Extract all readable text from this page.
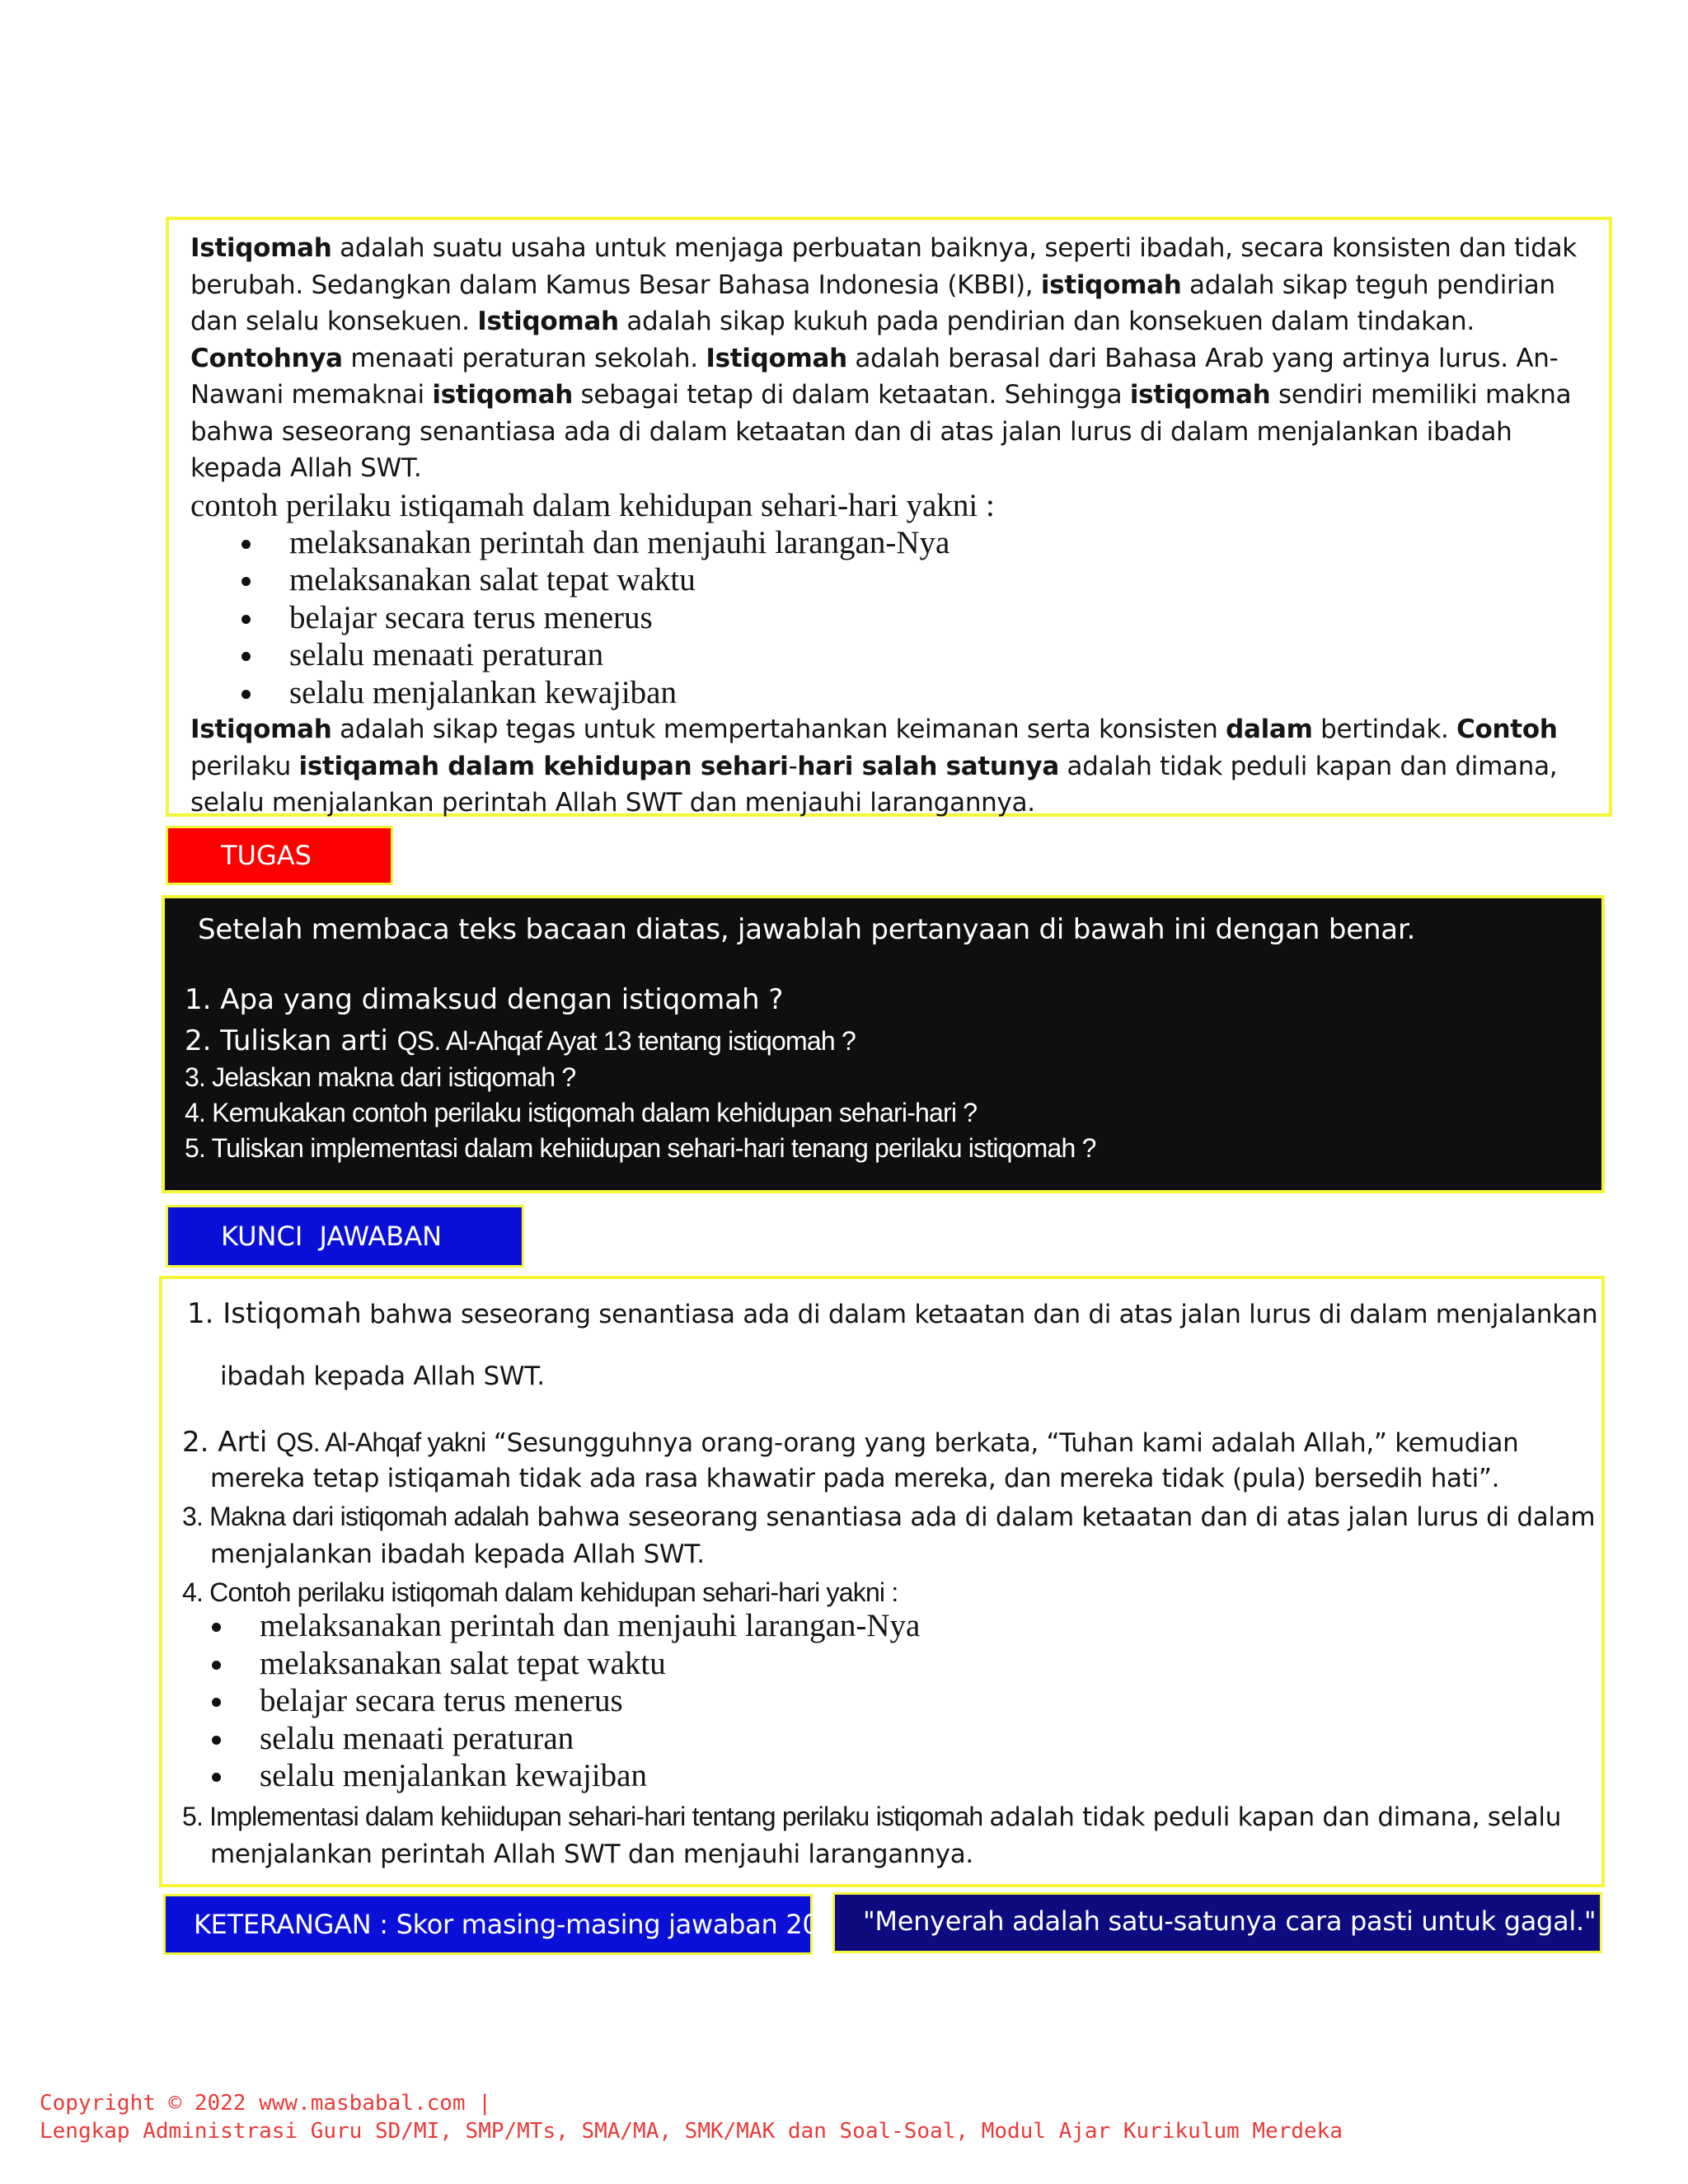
Istiqomah adalah suatu usaha untuk menjaga perbuatan baiknya, seperti ibadah, secara konsisten dan tidak berubah. Sedangkan dalam Kamus Besar Bahasa Indonesia (KBBI), istiqomah adalah sikap teguh pendirian dan selalu konsekuen. Istiqomah adalah sikap kukuh pada pendirian dan konsekuen dalam tindakan. Contohnya menaati peraturan sekolah. Istiqomah adalah berasal dari Bahasa Arab yang artinya lurus. An-Nawani memaknai istiqomah sebagai tetap di dalam ketaatan. Sehingga istiqomah sendiri memiliki makna bahwa seseorang senantiasa ada di dalam ketaatan dan di atas jalan lurus di dalam menjalankan ibadah kepada Allah SWT.

contoh perilaku istiqamah dalam kehidupan sehari-hari yakni :

melaksanakan perintah dan menjauhi larangan-Nya
melaksanakan salat tepat waktu
belajar secara terus menerus
selalu menaati peraturan
selalu menjalankan kewajiban

Istiqomah adalah sikap tegas untuk mempertahankan keimanan serta konsisten dalam bertindak. Contoh perilaku istiqamah dalam kehidupan sehari-hari salah satunya adalah tidak peduli kapan dan dimana, selalu menjalankan perintah Allah SWT dan menjauhi larangannya.

TUGAS
Setelah membaca teks bacaan diatas, jawablah pertanyaan di bawah ini dengan benar.
1. Apa yang dimaksud dengan istiqomah ?
2. Tuliskan arti QS. Al-Ahqaf Ayat 13 tentang istiqomah ?
3. Jelaskan makna dari istiqomah ?
4. Kemukakan contoh perilaku istiqomah dalam kehidupan sehari-hari ?
5. Tuliskan implementasi dalam kehiidupan sehari-hari tenang perilaku istiqomah ?
KUNCI JAWABAN
1. Istiqomah bahwa seseorang senantiasa ada di dalam ketaatan dan di atas jalan lurus di dalam menjalankan
ibadah kepada Allah SWT.
2. Arti QS. Al-Ahqaf yakni “Sesungguhnya orang-orang yang berkata, “Tuhan kami adalah Allah,” kemudian
mereka tetap istiqamah tidak ada rasa khawatir pada mereka, dan mereka tidak (pula) bersedih hati”.
3. Makna dari istiqomah adalah bahwa seseorang senantiasa ada di dalam ketaatan dan di atas jalan lurus di dalam
menjalankan ibadah kepada Allah SWT.
4. Contoh perilaku istiqomah dalam kehidupan sehari-hari yakni :
melaksanakan perintah dan menjauhi larangan-Nya
melaksanakan salat tepat waktu
belajar secara terus menerus
selalu menaati peraturan
selalu menjalankan kewajiban
5. Implementasi dalam kehiidupan sehari-hari tentang perilaku istiqomah adalah tidak peduli kapan dan dimana, selalu
menjalankan perintah Allah SWT dan menjauhi larangannya.
KETERANGAN : Skor masing-masing jawaban 20	"Menyerah adalah satu-satunya cara pasti untuk gagal."
Copyright © 2022 www.masbabal.com |
Lengkap Administrasi Guru SD/MI, SMP/MTs, SMA/MA, SMK/MAK dan Soal-Soal, Modul Ajar Kurikulum Merdeka
